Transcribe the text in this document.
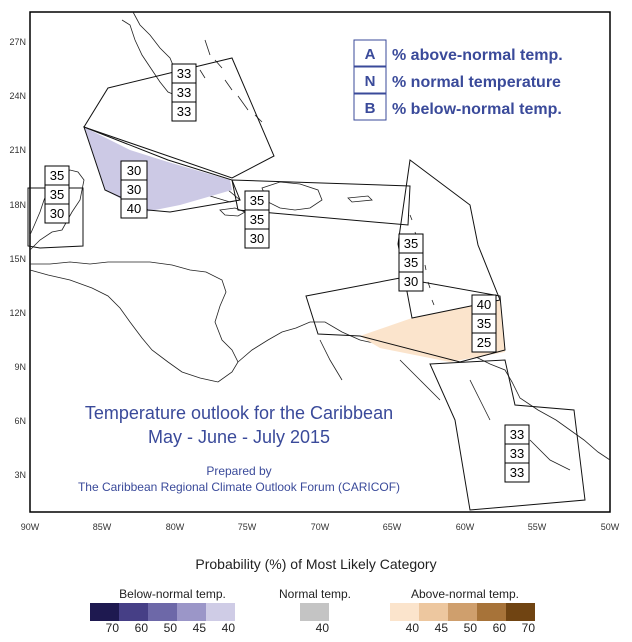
27N
24N
21N
18N
15N
12N
9N
6N
3N
90W	85W	80W	75W	70W	65W	60W	55W	50W
33
33
33
35
35
30
30
30
40
35
35
30	35
35
30
40
35
25
33
33
33
A
N
B
% above-normal temp.
% normal temperature
% below-normal temp.
Temperature outlook for the Caribbean
May - June - July 2015
Prepared by
The Caribbean Regional Climate Outlook Forum (CARICOF)
Probability (%) of Most Likely Category
Below-normal temp.	Normal temp.	Above-normal temp.
70	60	50	45	40	40	40	45	50	60	70
